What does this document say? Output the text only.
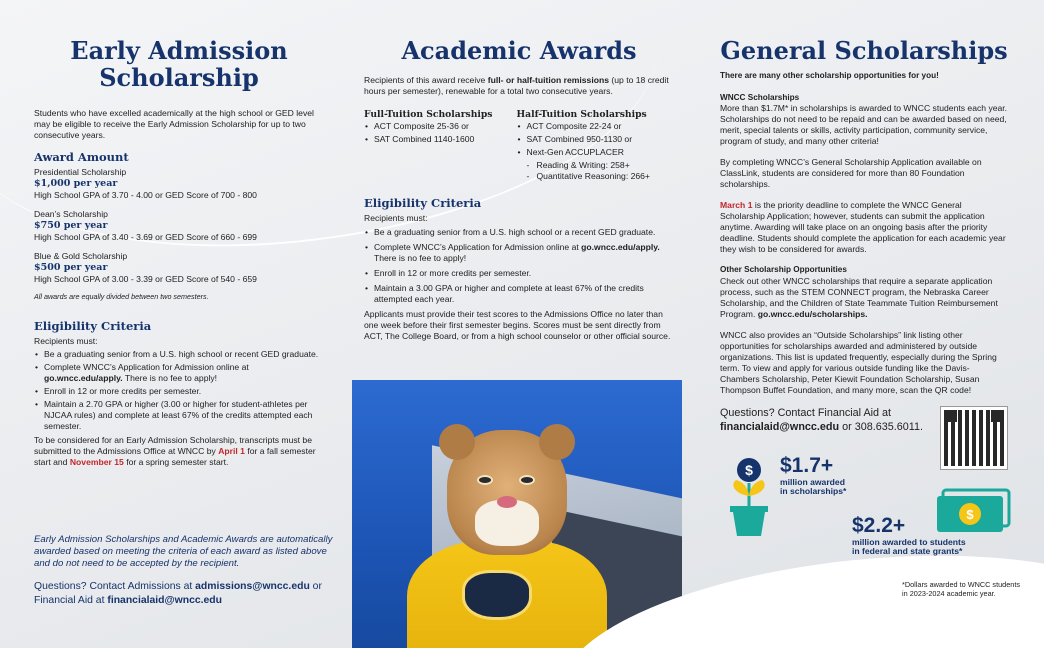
Early Admission
Scholarship

Students who have excelled academically at the high school or GED level may be eligible to receive the Early Admission Scholarship for up to two consecutive years.

Award Amount
Presidential Scholarship
$1,000 per year
High School GPA of 3.70 - 4.00 or GED Score of 700 - 800
Dean’s Scholarship
$750 per year
High School GPA of 3.40 - 3.69 or GED Score of 660 - 699
Blue & Gold Scholarship
$500 per year
High School GPA of 3.00 - 3.39 or GED Score of 540 - 659

All awards are equally divided between two semesters.

Eligibility Criteria

Recipients must:

• Be a graduating senior from a U.S. high school or recent GED graduate.
• Complete WNCC’s Application for Admission online at go.wncc.edu/apply. There is no fee to apply!
• Enroll in 12 or more credits per semester.
• Maintain a 2.70 GPA or higher (3.00 or higher for student-athletes per NJCAA rules) and complete at least 67% of the credits attempted each semester.

To be considered for an Early Admission Scholarship, transcripts must be submitted to the Admissions Office at WNCC by April 1 for a fall semester start and November 15 for a spring semester start.

Early Admission Scholarships and Academic Awards are automatically awarded based on meeting the criteria of each award as listed above and do not need to be accepted by the recipient.

Questions? Contact Admissions at admissions@wncc.edu or Financial Aid at financialaid@wncc.edu

Academic Awards

Recipients of this award receive full- or half-tuition remissions (up to 18 credit hours per semester), renewable for a total two consecutive years.

Full-Tuition Scholarships
• ACT Composite 25-36 or
• SAT Combined 1140-1600
Half-Tuition Scholarships
• ACT Composite 22-24 or
• SAT Combined 950-1130 or
• Next-Gen ACCUPLACER
- Reading & Writing: 258+
- Quantitative Reasoning: 266+
Eligibility Criteria

Recipients must:

• Be a graduating senior from a U.S. high school or a recent GED graduate.
• Complete WNCC’s Application for Admission online at go.wncc.edu/apply. There is no fee to apply!
• Enroll in 12 or more credits per semester.
• Maintain a 3.00 GPA or higher and complete at least 67% of the credits attempted each year.

Applicants must provide their test scores to the Admissions Office no later than one week before their first semester begins. Scores must be sent directly from ACT, The College Board, or from a high school counselor or other official source.

General Scholarships

There are many other scholarship opportunities for you!

WNCC Scholarships
More than $1.7M* in scholarships is awarded to WNCC students each year. Scholarships do not need to be repaid and can be awarded based on need, merit, special talents or skills, activity participation, community service, program of study, and many other criteria!

By completing WNCC’s General Scholarship Application available on ClassLink, students are considered for more than 80 Foundation scholarships.

March 1 is the priority deadline to complete the WNCC General Scholarship Application; however, students can submit the application anytime. Awarding will take place on an ongoing basis after the priority deadline. Students should complete the application for each academic year they wish to be considered for awards.

Other Scholarship Opportunities
Check out other WNCC scholarships that require a separate application process, such as the STEM CONNECT program, the Nebraska Career Scholarship, and the Children of State Teammate Tuition Reimbursement Program. go.wncc.edu/scholarships.

WNCC also provides an “Outside Scholarships” link listing other opportunities for scholarships awarded and administered by outside organizations. This list is updated frequently, especially during the Spring term. To view and apply for various outside funding like the Davis-Chambers Scholarship, Peter Kiewit Foundation Scholarship, Susan Thompson Buffet Foundation, and many more, scan the QR code!

Questions? Contact Financial Aid at financialaid@wncc.edu or 308.635.6011.

$ $1.7+
million awarded
in scholarships*
$
$2.2+
million awarded to students
in federal and state grants*

*Dollars awarded to WNCC students in 2023-2024 academic year.
